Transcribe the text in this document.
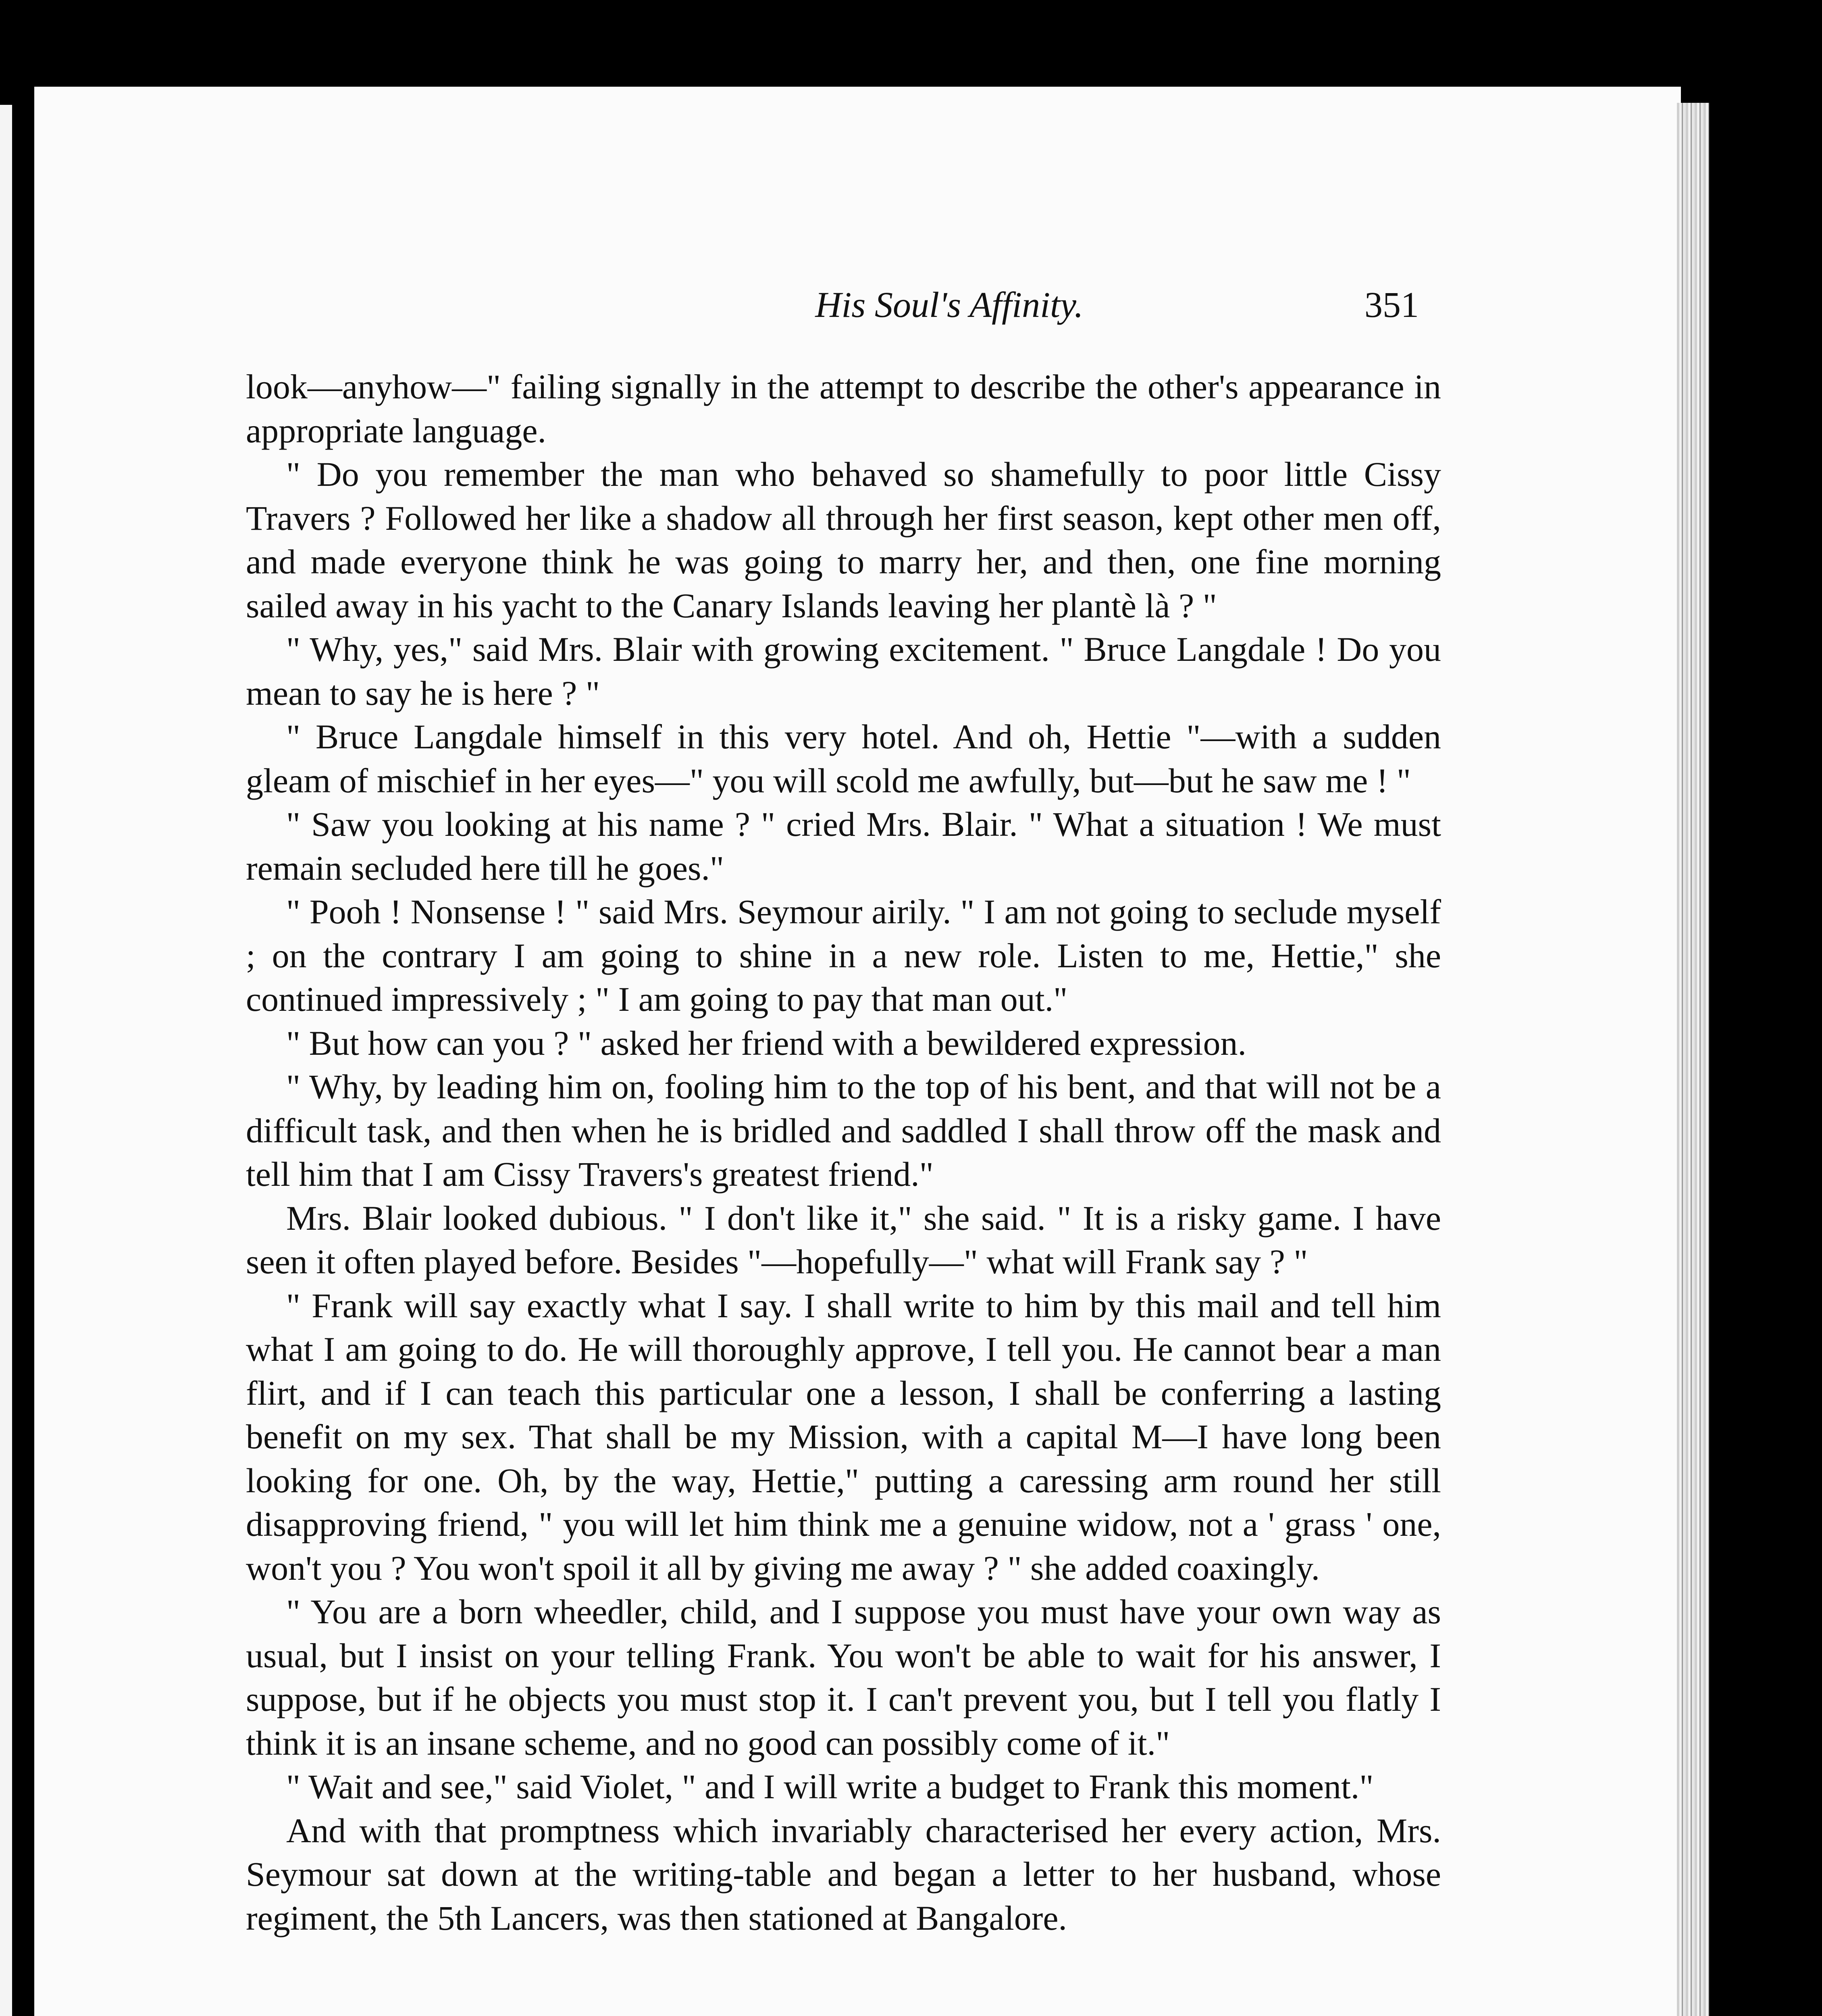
His Soul's Affinity.	351

look—anyhow—" failing signally in the attempt to describe the other's appearance in appropriate language.

" Do you remember the man who behaved so shamefully to poor little Cissy Travers ? Followed her like a shadow all through her first season, kept other men off, and made everyone think he was going to marry her, and then, one fine morning sailed away in his yacht to the Canary Islands leaving her plantè là ? "

" Why, yes," said Mrs. Blair with growing excitement. " Bruce Langdale ! Do you mean to say he is here ? "

" Bruce Langdale himself in this very hotel. And oh, Hettie "—with a sudden gleam of mischief in her eyes—" you will scold me awfully, but—but he saw me ! "

" Saw you looking at his name ? " cried Mrs. Blair. " What a situation ! We must remain secluded here till he goes."

" Pooh ! Nonsense ! " said Mrs. Seymour airily. " I am not going to seclude myself ; on the contrary I am going to shine in a new role. Listen to me, Hettie," she continued impressively ; " I am going to pay that man out."

" But how can you ? " asked her friend with a bewildered expression.

" Why, by leading him on, fooling him to the top of his bent, and that will not be a difficult task, and then when he is bridled and saddled I shall throw off the mask and tell him that I am Cissy Travers's greatest friend."

Mrs. Blair looked dubious. " I don't like it," she said. " It is a risky game. I have seen it often played before. Besides "—hopefully—" what will Frank say ? "

" Frank will say exactly what I say. I shall write to him by this mail and tell him what I am going to do. He will thoroughly approve, I tell you. He cannot bear a man flirt, and if I can teach this particular one a lesson, I shall be conferring a lasting benefit on my sex. That shall be my Mission, with a capital M—I have long been looking for one. Oh, by the way, Hettie," putting a caressing arm round her still disapproving friend, " you will let him think me a genuine widow, not a ' grass ' one, won't you ? You won't spoil it all by giving me away ? " she added coaxingly.

" You are a born wheedler, child, and I suppose you must have your own way as usual, but I insist on your telling Frank. You won't be able to wait for his answer, I suppose, but if he objects you must stop it. I can't prevent you, but I tell you flatly I think it is an insane scheme, and no good can possibly come of it."

" Wait and see," said Violet, " and I will write a budget to Frank this moment."

And with that promptness which invariably characterised her every action, Mrs. Seymour sat down at the writing-table and began a letter to her husband, whose regiment, the 5th Lancers, was then stationed at Bangalore.
